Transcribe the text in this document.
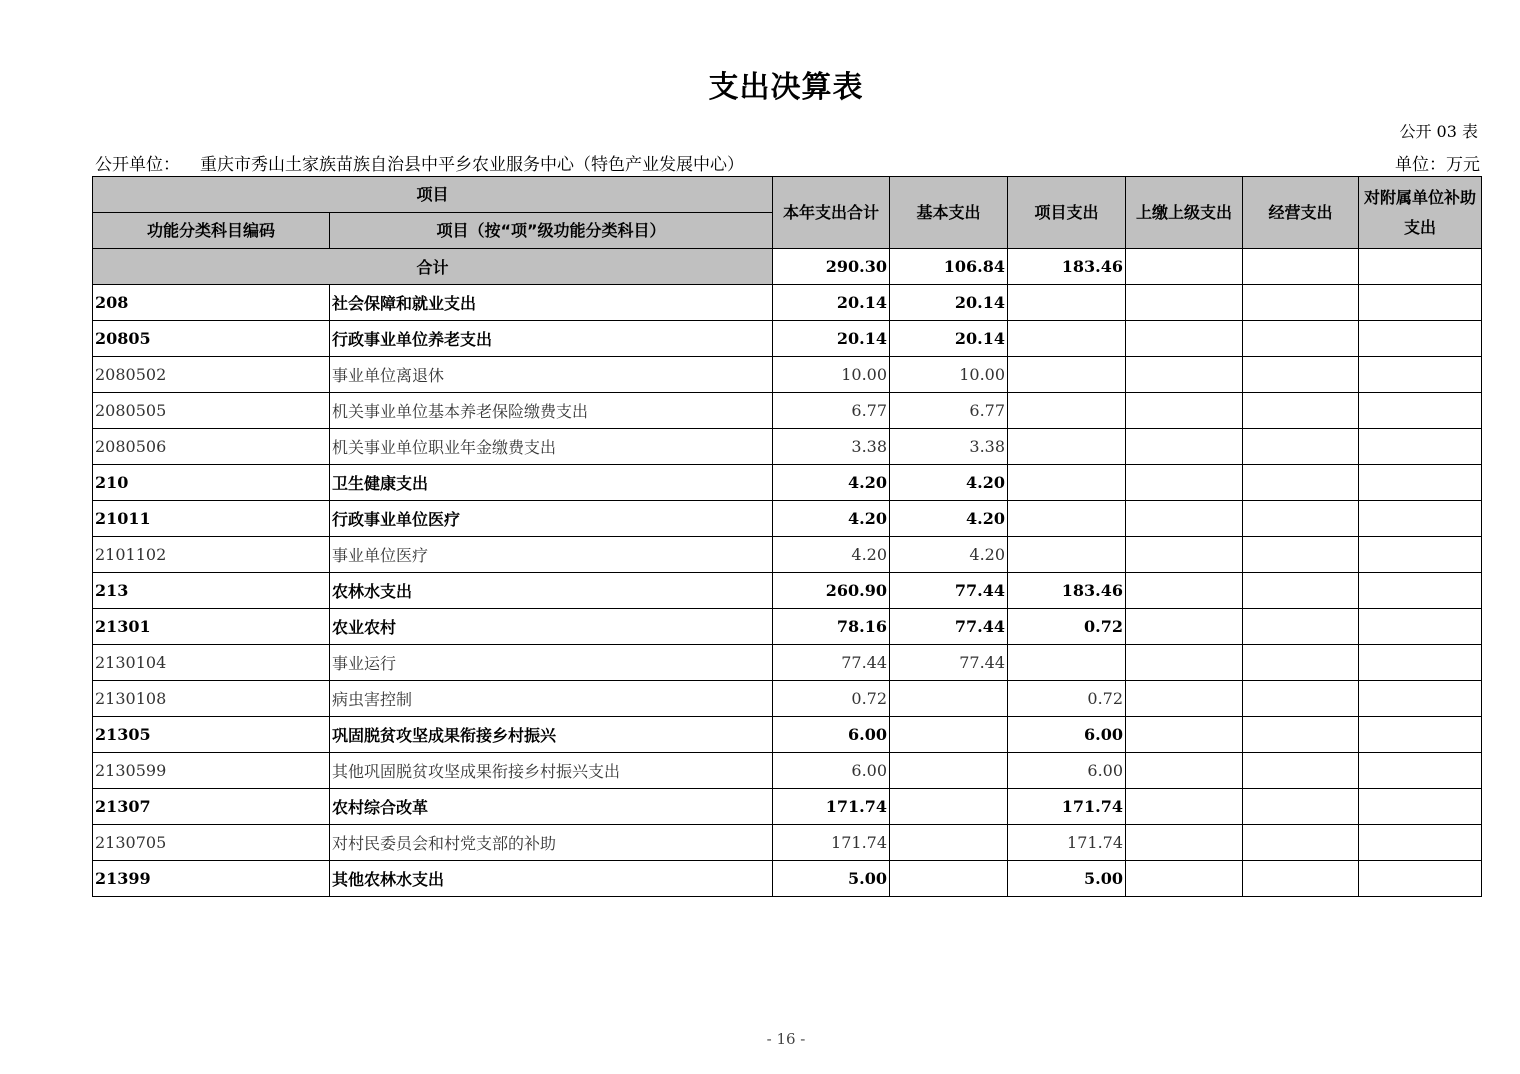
支出决算表
公开 03 表
公开单位： 重庆市秀山土家族苗族自治县中平乡农业服务中心（特色产业发展中心）	单位：万元
项目		本年支出合计	基本支出	项目支出	上缴上级支出	经营支出	对附属单位补助支出
功能分类科目编码	项目（按“项”级功能分类科目）						
合计		290.30	106.84	183.46			
208	社会保障和就业支出	20.14	20.14				
20805	行政事业单位养老支出	20.14	20.14				
2080502	事业单位离退休	10.00	10.00				
2080505	机关事业单位基本养老保险缴费支出	6.77	6.77				
2080506	机关事业单位职业年金缴费支出	3.38	3.38				
210	卫生健康支出	4.20	4.20				
21011	行政事业单位医疗	4.20	4.20				
2101102	事业单位医疗	4.20	4.20				
213	农林水支出	260.90	77.44	183.46			
21301	农业农村	78.16	77.44	0.72			
2130104	事业运行	77.44	77.44				
2130108	病虫害控制	0.72		0.72			
21305	巩固脱贫攻坚成果衔接乡村振兴	6.00		6.00			
2130599	其他巩固脱贫攻坚成果衔接乡村振兴支出	6.00		6.00			
21307	农村综合改革	171.74		171.74			
2130705	对村民委员会和村党支部的补助	171.74		171.74			
21399	其他农林水支出	5.00		5.00			
- 16 -
